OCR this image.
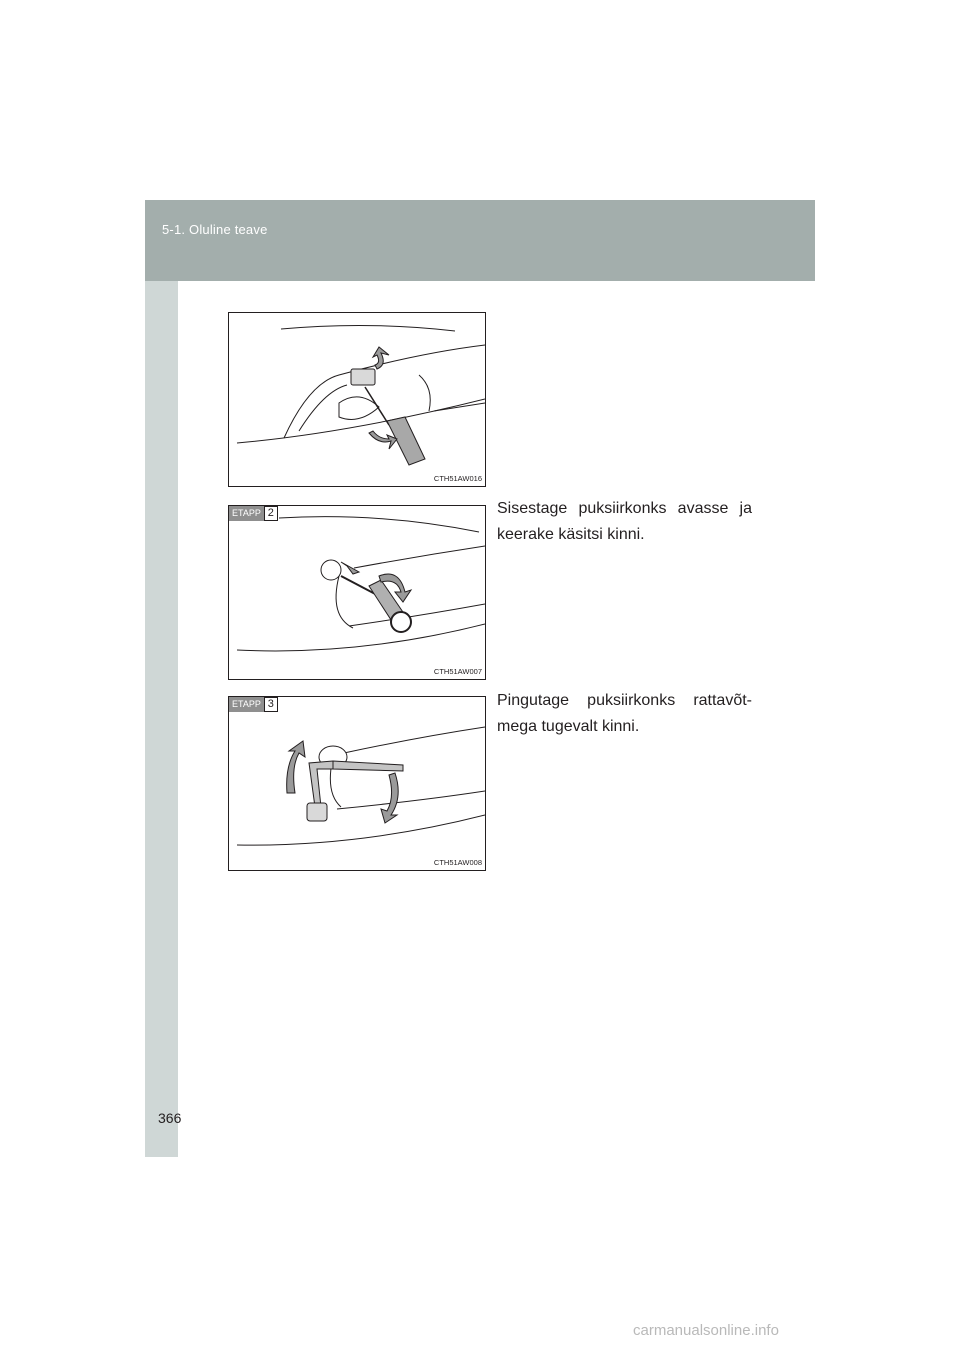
5-1. Oluline teave
CTH51AW016
ETAPP 2
CTH51AW007
ETAPP 3
CTH51AW008
Sisestage puksiirkonks avasse ja keerake käsitsi kinni.
Pingutage puksiirkonks rattavõt-mega tugevalt kinni.
366
carmanualsonline.info
